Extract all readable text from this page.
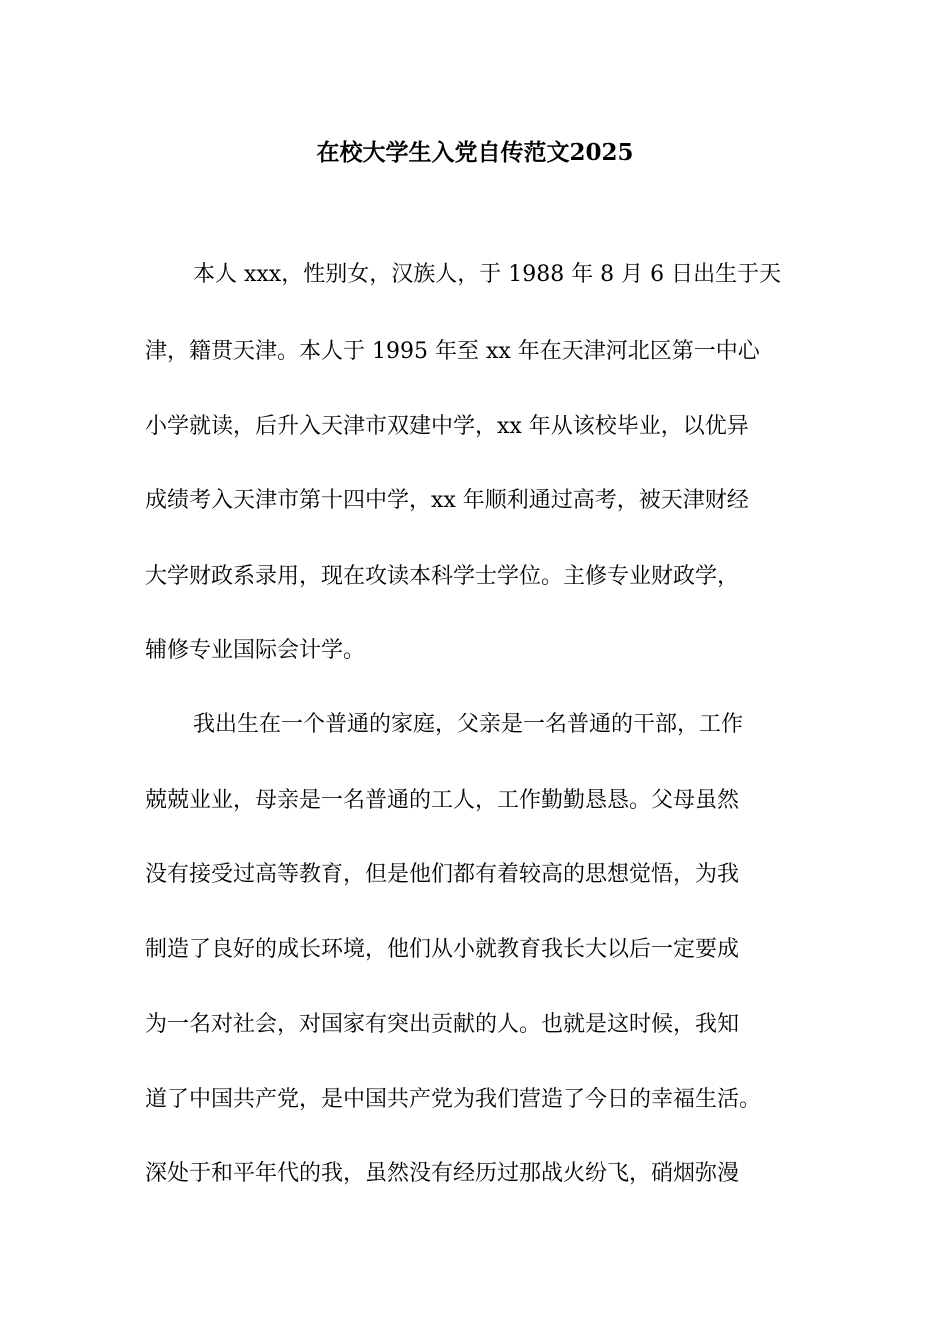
在校大学生入党自传范文2025

本人 xxx，性别女，汉族人，于 1988 年 8 月 6 日出生于天

津，籍贯天津。本人于 1995 年至 xx 年在天津河北区第一中心

小学就读，后升入天津市双建中学，xx 年从该校毕业，以优异

成绩考入天津市第十四中学，xx 年顺利通过高考，被天津财经

大学财政系录用，现在攻读本科学士学位。主修专业财政学，

辅修专业国际会计学。

我出生在一个普通的家庭，父亲是一名普通的干部，工作

兢兢业业，母亲是一名普通的工人，工作勤勤恳恳。父母虽然

没有接受过高等教育，但是他们都有着较高的思想觉悟，为我

制造了良好的成长环境，他们从小就教育我长大以后一定要成

为一名对社会，对国家有突出贡献的人。也就是这时候，我知

道了中国共产党，是中国共产党为我们营造了今日的幸福生活。

深处于和平年代的我，虽然没有经历过那战火纷飞，硝烟弥漫
